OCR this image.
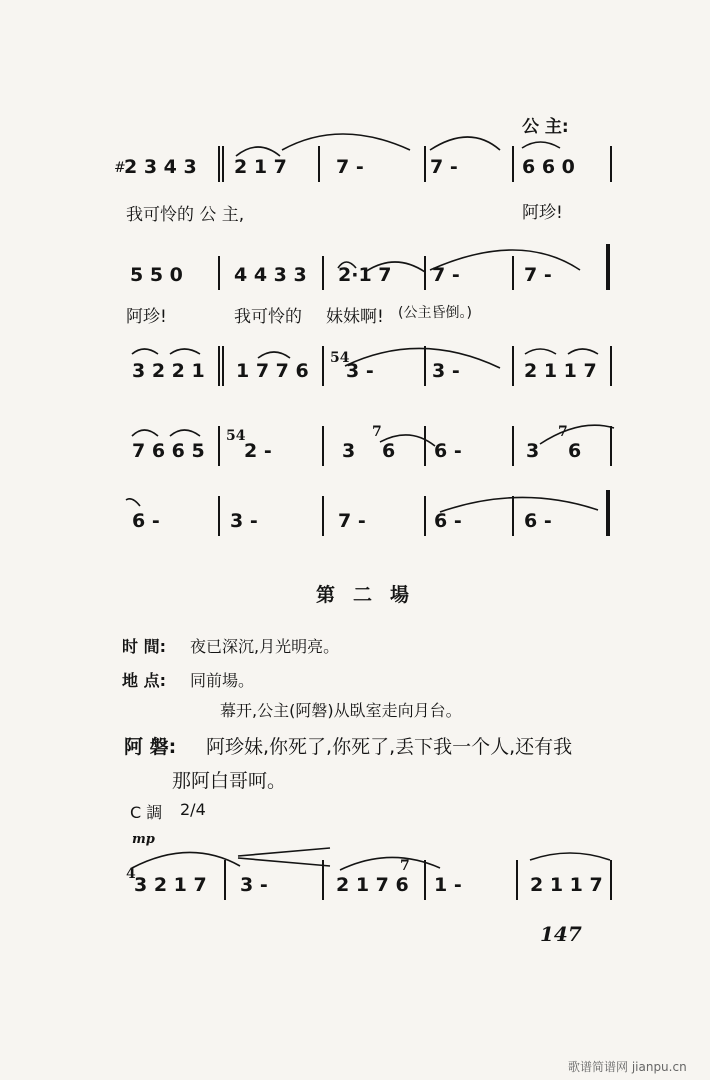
公 主:
#
2 3 4 3 2 1 7	7 -	7 -	6 6 0
我可怜的 公 主,	阿珍!
5 5 0	4 4 3 3 2·1 7 7 -	7 -
阿珍!	我可怜的 妹妹啊! (公主昏倒。)
3 2 2 1 1 7 7 6
54
3 -	3 -	2 1 1 7
7 6 6 5
54
2 -	3
7
6 6 -	3
7
6
6 -	3 -	7 -	6 -	6 -
第二場
时 間: 夜已深沉,月光明亮。
地 点: 同前場。
幕开,公主(阿磐)从臥室走向月台。
阿 磐: 阿珍妹,你死了,你死了,丢下我一个人,还有我
那阿白哥呵。
C 調 2/4
mp
4
3 2 1 7 3 -	2 1 7 6
7
1 -	2 1 1 7
147
歌谱简谱网 jianpu.cn
